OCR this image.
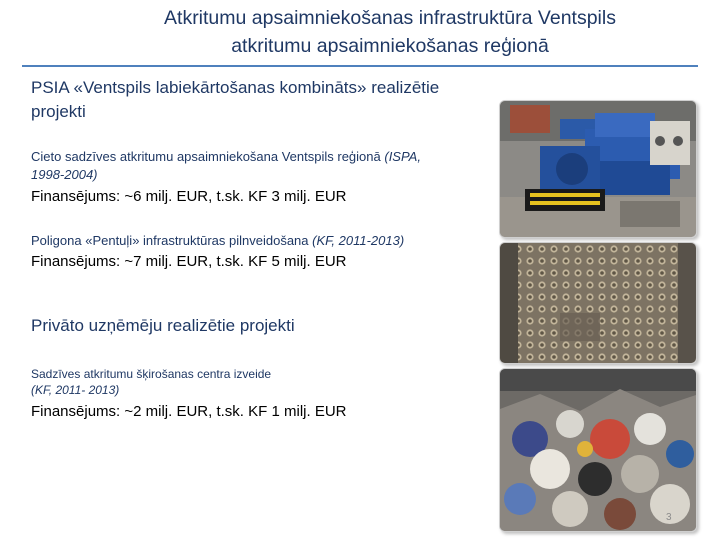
Atkritumu apsaimniekošanas infrastruktūra Ventspils
atkritumu apsaimniekošanas reģionā
PSIA «Ventspils labiekārtošanas kombināts» realizētie
projekti
Cieto sadzīves atkritumu apsaimniekošana Ventspils reģionā (ISPA,
1998-2004)
Finansējums: ~6 milj. EUR, t.sk. KF 3 milj. EUR
Poligona «Pentuļi» infrastruktūras pilnveidošana (KF, 2011-2013)
Finansējums: ~7 milj. EUR, t.sk. KF 5 milj. EUR
Privāto uzņēmēju realizētie projekti
Sadzīves atkritumu šķirošanas centra izveide
(KF, 2011- 2013)
Finansējums: ~2 milj. EUR, t.sk. KF 1 milj. EUR
3
